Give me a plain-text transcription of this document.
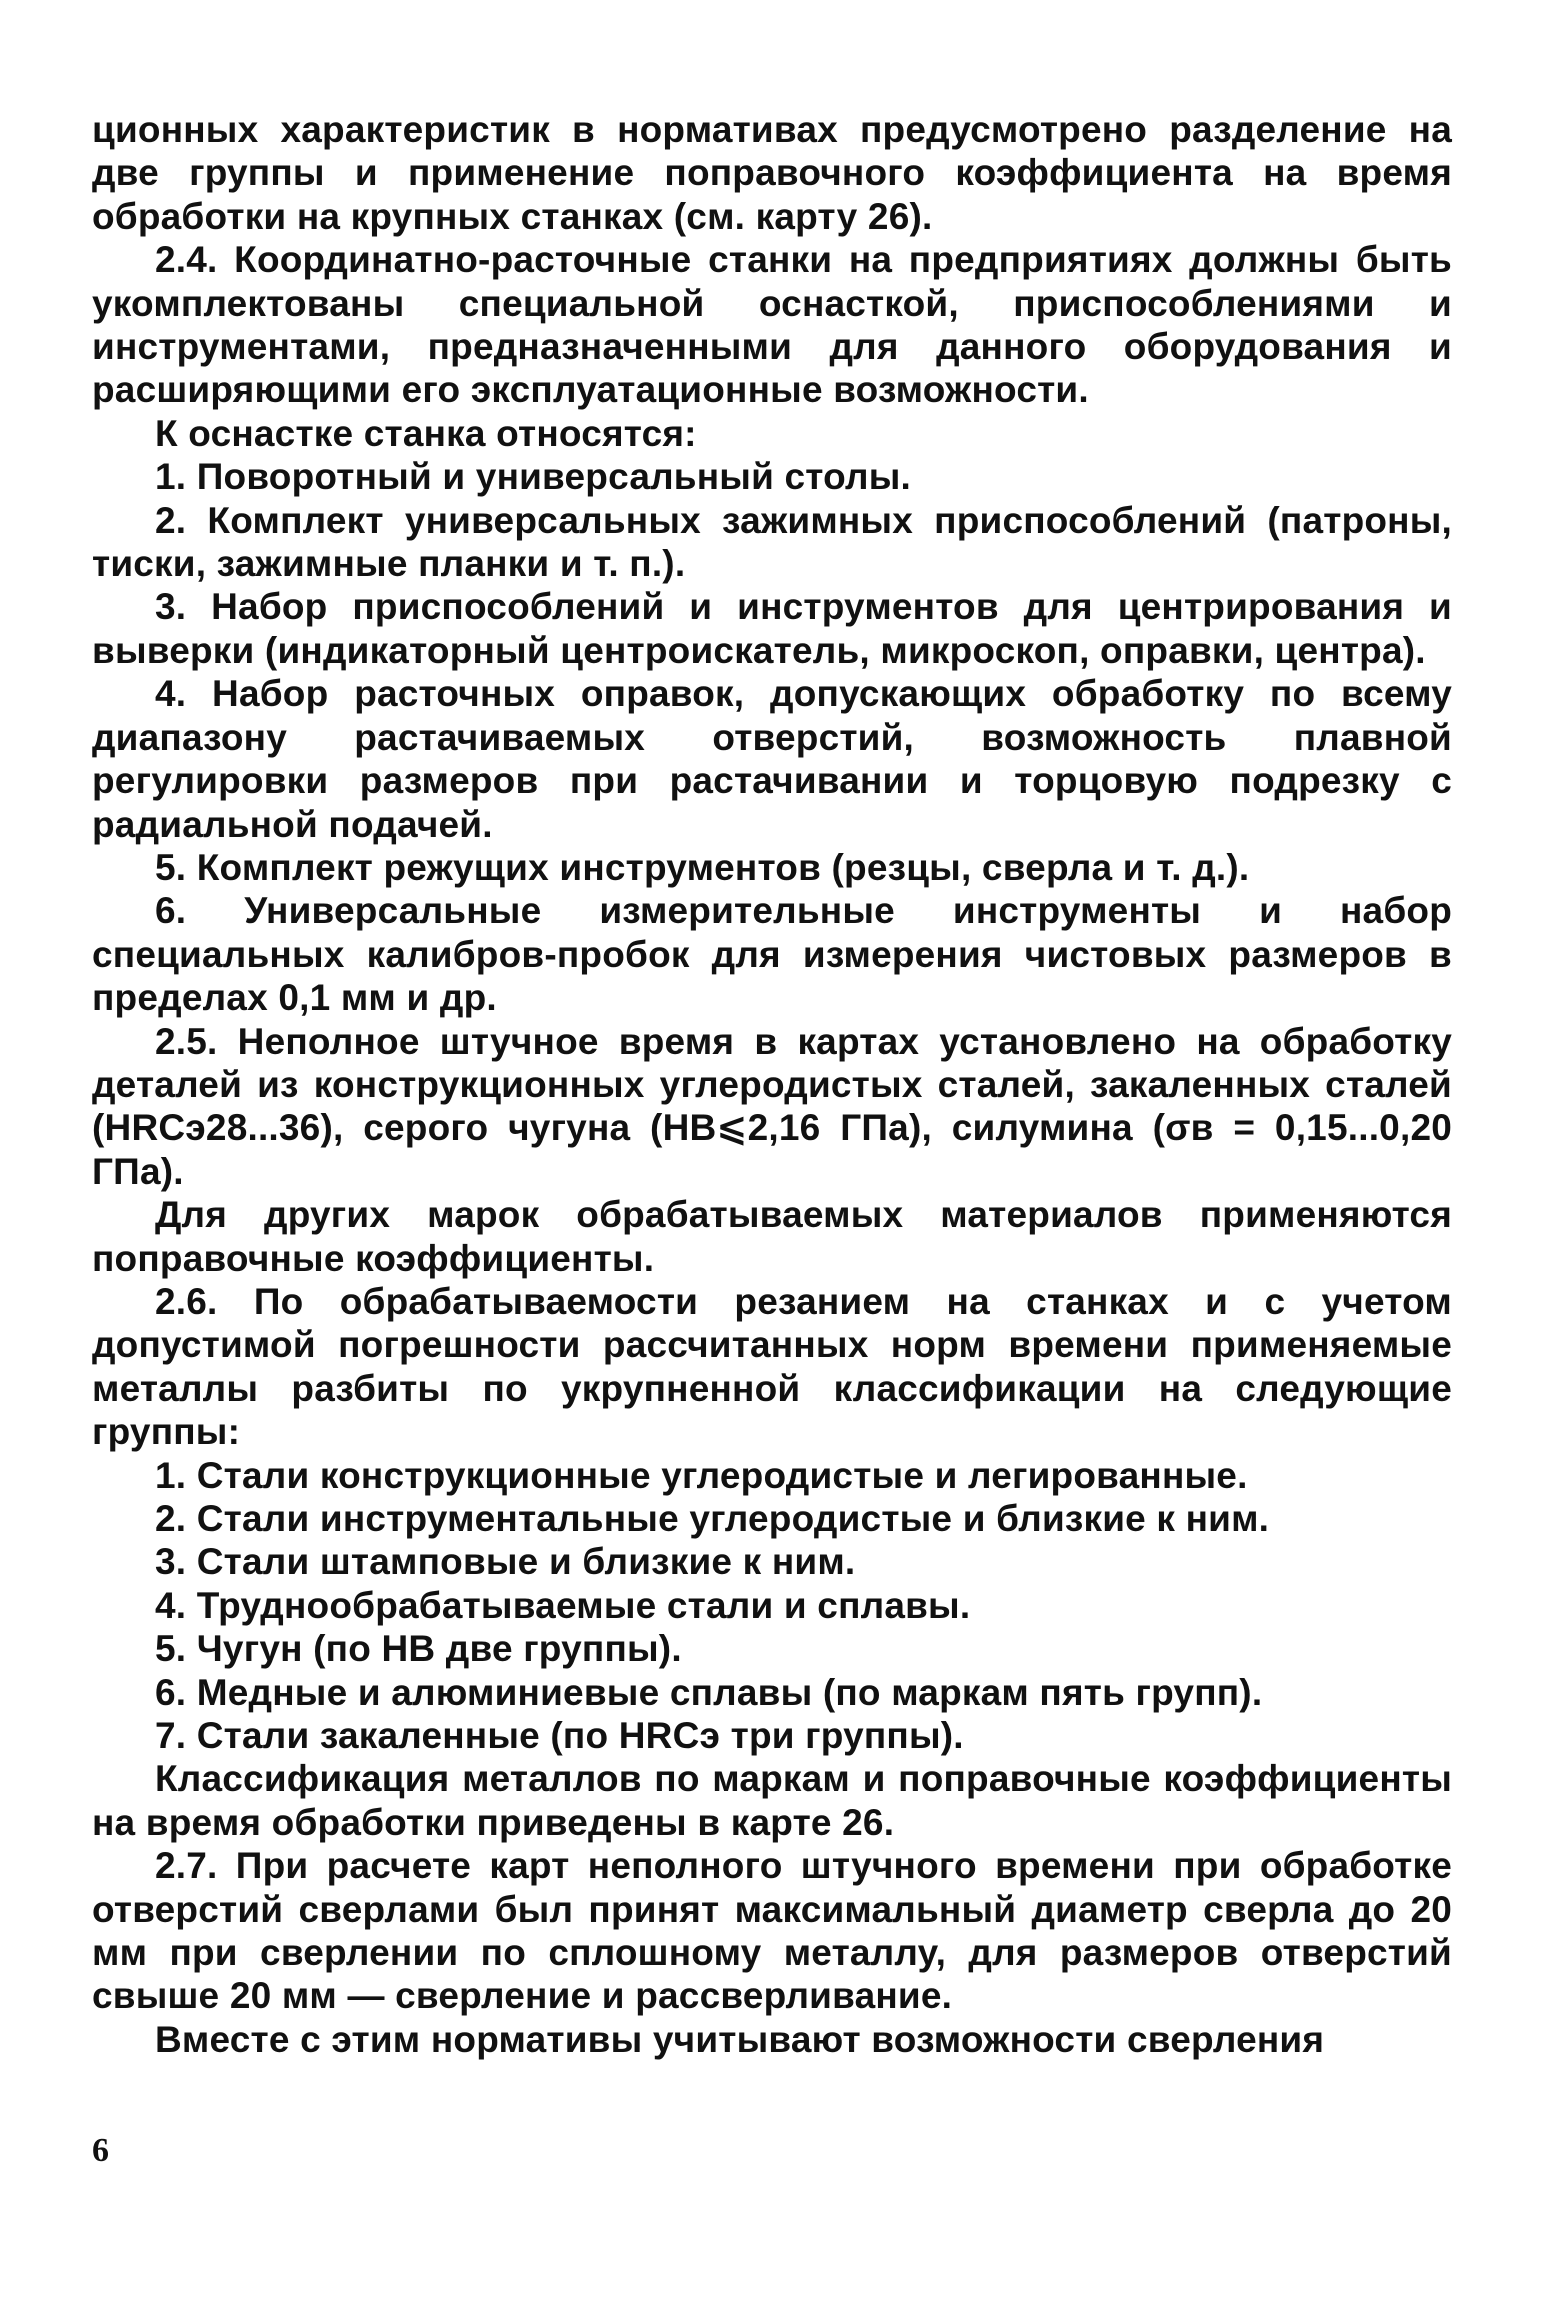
ционных характеристик в нормативах предусмотрено разделение на две группы и применение поправочного коэффициента на время обработки на крупных станках (см. карту 26).

2.4. Координатно-расточные станки на предприятиях должны быть укомплектованы специальной оснасткой, приспособлениями и инструментами, предназначенными для данного оборудования и расширяющими его эксплуатационные возможности.

К оснастке станка относятся:

1. Поворотный и универсальный столы.

2. Комплект универсальных зажимных приспособлений (патроны, тиски, зажимные планки и т. п.).

3. Набор приспособлений и инструментов для центрирования и выверки (индикаторный центроискатель, микроскоп, оправки, центра).

4. Набор расточных оправок, допускающих обработку по всему диапазону растачиваемых отверстий, возможность плавной регулировки размеров при растачивании и торцовую подрезку с радиальной подачей.

5. Комплект режущих инструментов (резцы, сверла и т. д.).

6. Универсальные измерительные инструменты и набор специальных калибров-пробок для измерения чистовых размеров в пределах 0,1 мм и др.

2.5. Неполное штучное время в картах установлено на обработку деталей из конструкционных углеродистых сталей, закаленных сталей (HRCэ28...36), серого чугуна (НВ⩽2,16 ГПа), силумина (σв = 0,15...0,20 ГПа).

Для других марок обрабатываемых материалов применяются поправочные коэффициенты.

2.6. По обрабатываемости резанием на станках и с учетом допустимой погрешности рассчитанных норм времени применяемые металлы разбиты по укрупненной классификации на следующие группы:

1. Стали конструкционные углеродистые и легированные.

2. Стали инструментальные углеродистые и близкие к ним.

3. Стали штамповые и близкие к ним.

4. Труднообрабатываемые стали и сплавы.

5. Чугун (по НВ две группы).

6. Медные и алюминиевые сплавы (по маркам пять групп).

7. Стали закаленные (по HRCэ три группы).

Классификация металлов по маркам и поправочные коэффициенты на время обработки приведены в карте 26.

2.7. При расчете карт неполного штучного времени при обработке отверстий сверлами был принят максимальный диаметр сверла до 20 мм при сверлении по сплошному металлу, для размеров отверстий свыше 20 мм — сверление и рассверливание.

Вместе с этим нормативы учитывают возможности сверления

6
